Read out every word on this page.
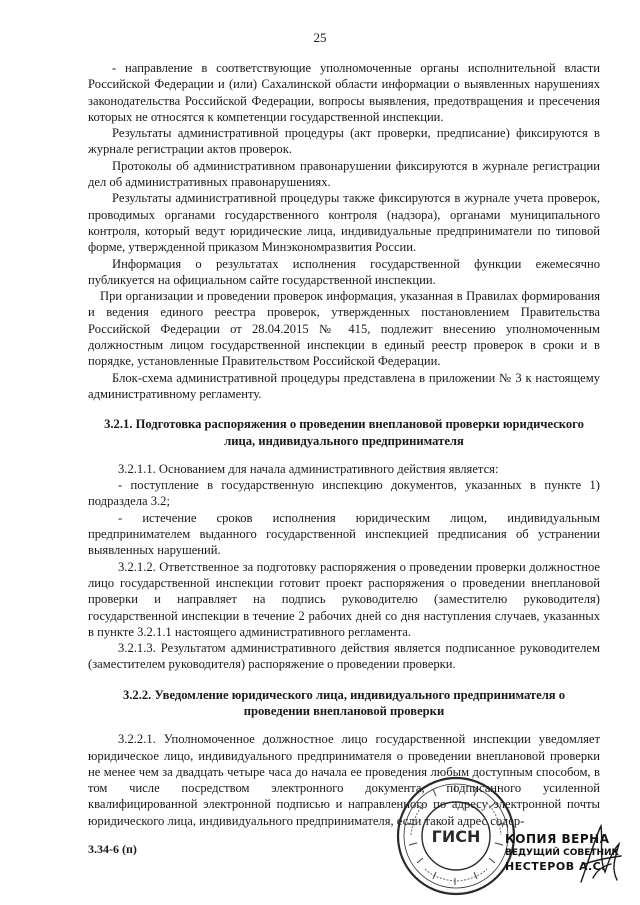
25

- направление в соответствующие уполномоченные органы исполнительной власти Российской Федерации и (или) Сахалинской области информации о выявленных нарушениях законодательства Российской Федерации, вопросы выявления, предотвращения и пресечения которых не относятся к компетенции государственной инспекции.

Результаты административной процедуры (акт проверки, предписание) фиксируются в журнале регистрации актов проверок.

Протоколы об административном правонарушении фиксируются в журнале регистрации дел об административных правонарушениях.

Результаты административной процедуры также фиксируются в журнале учета проверок, проводимых органами государственного контроля (надзора), органами муниципального контроля, который ведут юридические лица, индивидуальные предприниматели по типовой форме, утвержденной приказом Минэкономразвития России.

Информация о результатах исполнения государственной функции ежемесячно публикуется на официальном сайте государственной инспекции.

При организации и проведении проверок информация, указанная в Правилах формирования и ведения единого реестра проверок, утвержденных постановлением Правительства Российской Федерации от 28.04.2015 № 415, подлежит внесению уполномоченным должностным лицом государственной инспекции в единый реестр проверок в сроки и в порядке, установленные Правительством Российской Федерации.

Блок-схема административной процедуры представлена в приложении № 3 к настоящему административному регламенту.

3.2.1. Подготовка распоряжения о проведении внеплановой проверки юридического лица, индивидуального предпринимателя

3.2.1.1. Основанием для начала административного действия является:

- поступление в государственную инспекцию документов, указанных в пункте 1) подраздела 3.2;

- истечение сроков исполнения юридическим лицом, индивидуальным предпринимателем выданного государственной инспекцией предписания об устранении выявленных нарушений.

3.2.1.2. Ответственное за подготовку распоряжения о проведении проверки должностное лицо государственной инспекции готовит проект распоряжения о проведении внеплановой проверки и направляет на подпись руководителю (заместителю руководителя) государственной инспекции в течение 2 рабочих дней со дня наступления случаев, указанных в пункте 3.2.1.1 настоящего административного регламента.

3.2.1.3. Результатом административного действия является подписанное руководителем (заместителем руководителя) распоряжение о проведении проверки.

3.2.2. Уведомление юридического лица, индивидуального предпринимателя о проведении внеплановой проверки

3.2.2.1. Уполномоченное должностное лицо государственной инспекции уведомляет юридическое лицо, индивидуального предпринимателя о проведении внеплановой проверки не менее чем за двадцать четыре часа до начала ее проведения любым доступным способом, в том числе посредством электронного документа, подписанного усиленной квалифицированной электронной подписью и направленного по адресу электронной почты юридического лица, индивидуального предпринимателя, если такой адрес содер-

3.34-6 (п)
ГИСН КОПИЯ ВЕРНА
ВЕДУЩИЙ СОВЕТНИК
НЕСТЕРОВ А.С.
